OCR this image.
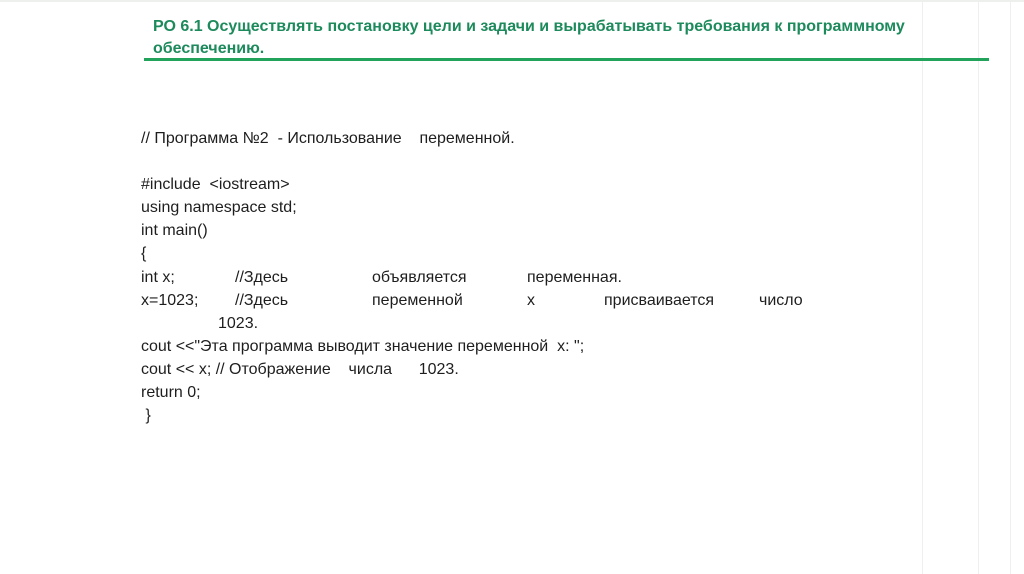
РО 6.1 Осуществлять постановку цели и задачи и вырабатывать требования к программному обеспечению.
// Программа №2  - Использование    переменной.
#include  <iostream>
using namespace std;
int main()
{

int x;

	//Здесь

	объявляется

	переменная.

x=1023;

//Здесь

	переменной

	x

	присваивается

	число

1023.

cout <<"Эта программа выводит значение переменной  x: ";
cout << x; // Отображение    числа      1023.
return 0;
}
